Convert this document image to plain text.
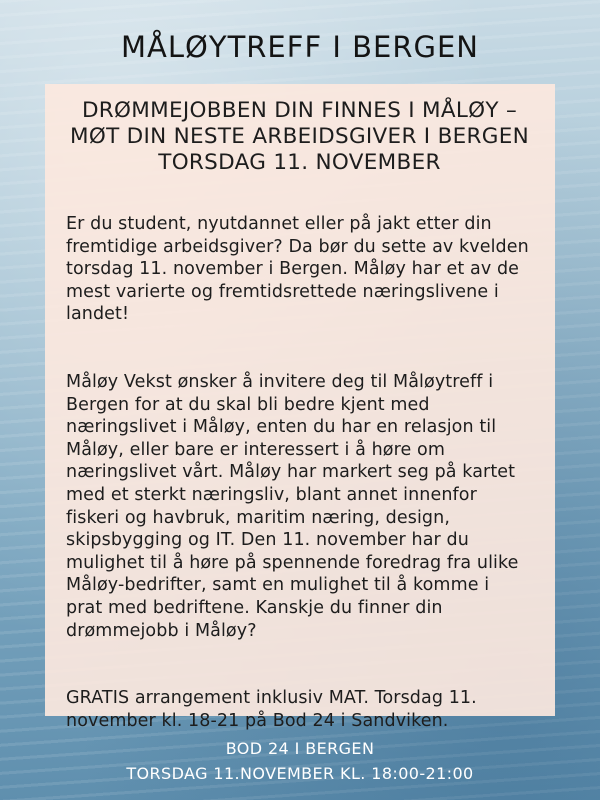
MÅLØYTREFF I BERGEN
DRØMMEJOBBEN DIN FINNES I MÅLØY –
MØT DIN NESTE ARBEIDSGIVER I BERGEN
TORSDAG 11. NOVEMBER
Er du student, nyutdannet eller på jakt etter din
fremtidige arbeidsgiver? Da bør du sette av kvelden
torsdag 11. november i Bergen. Måløy har et av de
mest varierte og fremtidsrettede næringslivene i
landet!
Måløy Vekst ønsker å invitere deg til Måløytreff i
Bergen for at du skal bli bedre kjent med
næringslivet i Måløy, enten du har en relasjon til
Måløy, eller bare er interessert i å høre om
næringslivet vårt. Måløy har markert seg på kartet
med et sterkt næringsliv, blant annet innenfor
fiskeri og havbruk, maritim næring, design,
skipsbygging og IT. Den 11. november har du
mulighet til å høre på spennende foredrag fra ulike
Måløy-bedrifter, samt en mulighet til å komme i
prat med bedriftene. Kanskje du finner din
drømmejobb i Måløy?
GRATIS arrangement inklusiv MAT. Torsdag 11.
november kl. 18-21 på Bod 24 i Sandviken.
BOD 24 I BERGEN
TORSDAG 11.NOVEMBER KL. 18:00-21:00
